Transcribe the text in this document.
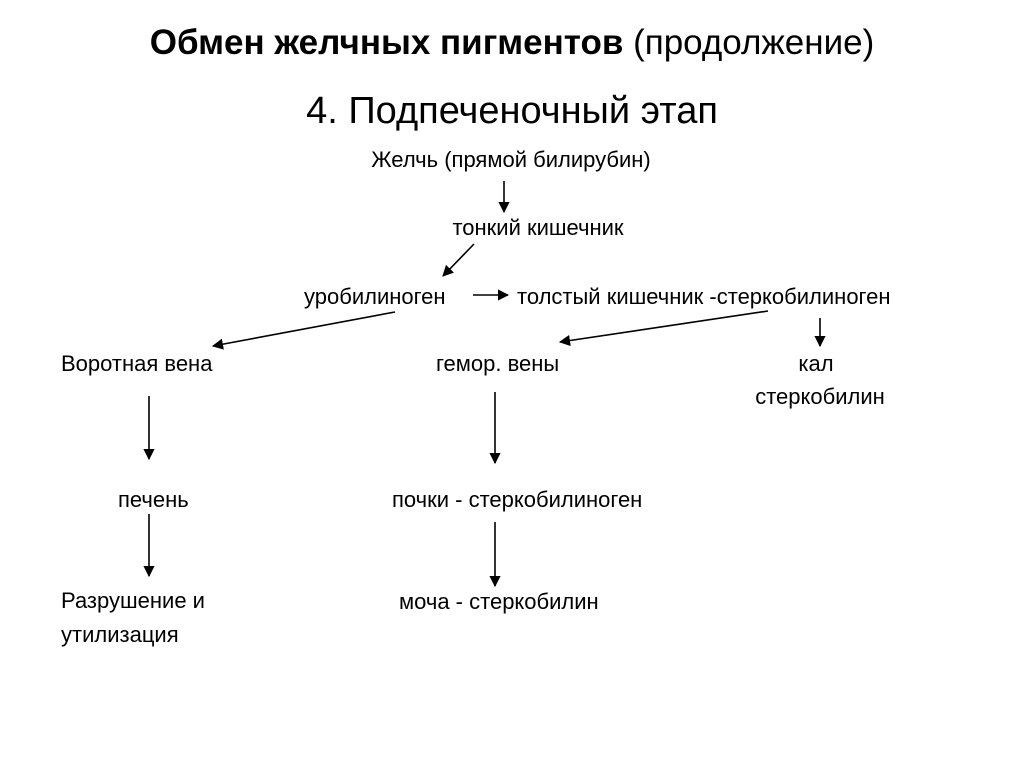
Обмен желчных пигментов (продолжение)
4. Подпеченочный этап
Желчь (прямой билирубин)
тонкий кишечник
уробилиноген	толстый кишечник -стеркобилиноген
Воротная вена	гемор. вены	кал
стеркобилин
печень	почки - стеркобилиноген
Разрушение и
утилизация
моча - стеркобилин
